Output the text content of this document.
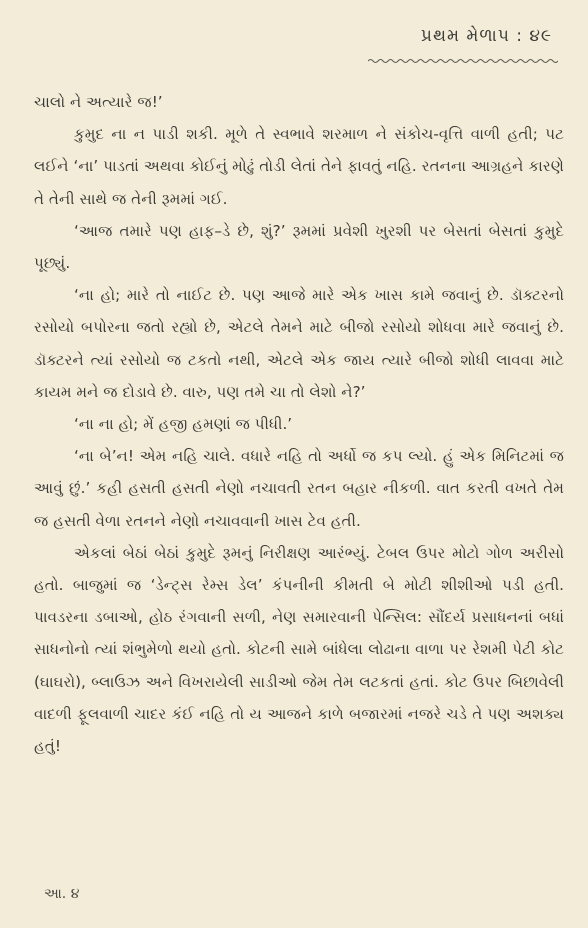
પ્રથમ મેળાપ : ૪૯

ચાલો ને અત્યારે જ!’

કુમુદ ના ન પાડી શકી. મૂળે તે સ્વભાવે શરમાળ ને સંકોચ-વૃત્તિ વાળી હતી; પટ લઈને ‘ના’ પાડતાં અથવા કોઈનું મોઢું તોડી લેતાં તેને ફાવતું નહિ. રતનના આગ્રહને કારણે તે તેની સાથે જ તેની રૂમમાં ગઈ.

‘આજ તમારે પણ હાફ–ડે છે, શું?’ રૂમમાં પ્રવેશી ખુરશી પર બેસતાં બેસતાં કુમુદે પૂછ્યું.

‘ના હો; મારે તો નાઈટ છે. પણ આજે મારે એક ખાસ કામે જવાનું છે. ડૉક્ટરનો રસોયો બપોરના જતો રહ્યો છે, એટલે તેમને માટે બીજો રસોયો શોધવા મારે જવાનું છે. ડૉક્ટરને ત્યાં રસોયો જ ટકતો નથી, એટલે એક જાય ત્યારે બીજો શોધી લાવવા માટે કાયમ મને જ દોડાવે છે. વારુ, પણ તમે ચા તો લેશો ને?’

‘ના ના હો; મેં હજી હમણાં જ પીધી.’

‘ના બે’ન! એમ નહિ ચાલે. વધારે નહિ તો અર્ધો જ કપ લ્યો. હું એક મિનિટમાં જ આવું છું.’ કહી હસતી હસતી નેણો નચાવતી રતન બહાર નીકળી. વાત કરતી વખતે તેમ જ હસતી વેળા રતનને નેણો નચાવવાની ખાસ ટેવ હતી.

એકલાં બેઠાં બેઠાં કુમુદે રૂમનું નિરીક્ષણ આરંભ્યું. ટેબલ ઉપર મોટો ગોળ અરીસો હતો. બાજુમાં જ ‘ડેન્ટ્સ રેમ્સ ડેલ’ કંપનીની કીમતી બે મોટી શીશીઓ પડી હતી. પાવડરના ડબાઓ, હોઠ રંગવાની સળી, નેણ સમારવાની પેન્સિલ: સૌંદર્ય પ્રસાધનનાં બધાં સાધનોનો ત્યાં શંભુમેળો થયો હતો. કોટની સામે બાંધેલા લોઢાના વાળા પર રેશમી પેટી કોટ (ઘાઘરો), બ્લાઉઝ અને વિખરાયેલી સાડીઓ જેમ તેમ લટકતાં હતાં. કોટ ઉપર બિછાવેલી વાદળી ફૂલવાળી ચાદર કંઈ નહિ તો ય આજને કાળે બજારમાં નજરે ચડે તે પણ અશક્ય હતું!

આ. ૪
